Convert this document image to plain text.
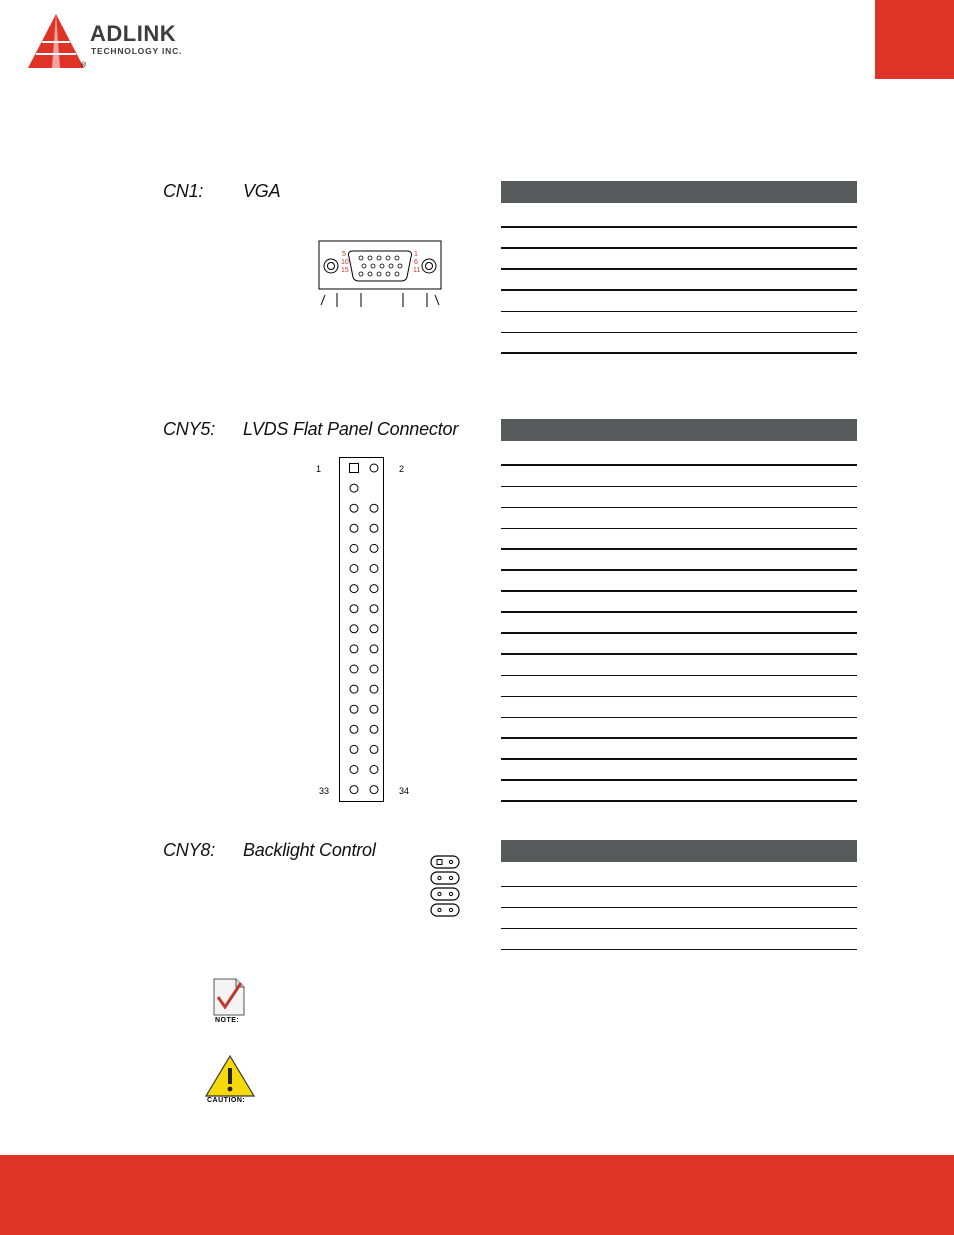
ADLINK
TECHNOLOGY INC.
®
CN1: VGA
5
10
15
1
6
11
CNY5: LVDS Flat Panel Connector
1	2
33	34
CNY8: Backlight Control
NOTE:
CAUTION:
